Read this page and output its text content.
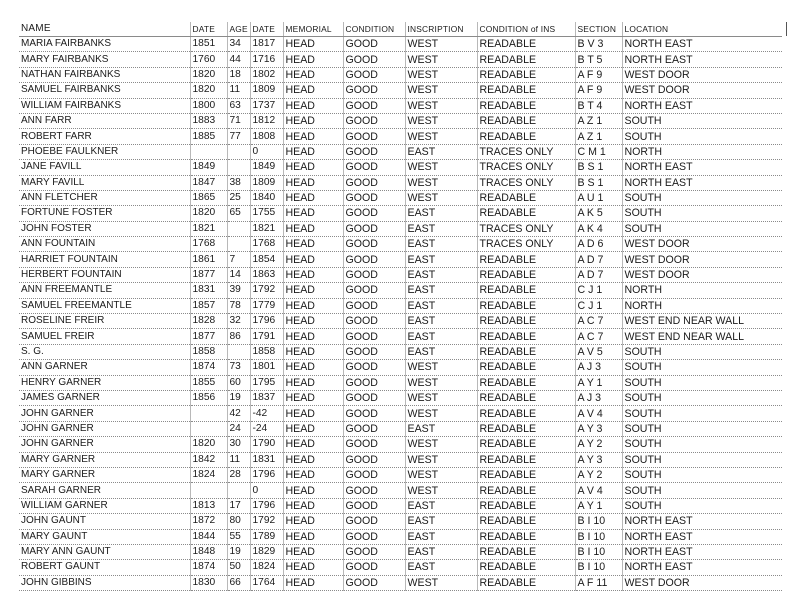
NAME	DATE	AGE	DATE	MEMORIAL	CONDITION	INSCRIPTION	CONDITION of INS	SECTION	LOCATION
MARIA FAIRBANKS	1851	34	1817	HEAD	GOOD	WEST	READABLE	B V 3	NORTH EAST
MARY FAIRBANKS	1760	44	1716	HEAD	GOOD	WEST	READABLE	B T 5	NORTH EAST
NATHAN FAIRBANKS	1820	18	1802	HEAD	GOOD	WEST	READABLE	A F 9	WEST DOOR
SAMUEL FAIRBANKS	1820	11	1809	HEAD	GOOD	WEST	READABLE	A F 9	WEST DOOR
WILLIAM FAIRBANKS	1800	63	1737	HEAD	GOOD	WEST	READABLE	B T 4	NORTH EAST
ANN FARR	1883	71	1812	HEAD	GOOD	WEST	READABLE	A Z 1	SOUTH
ROBERT FARR	1885	77	1808	HEAD	GOOD	WEST	READABLE	A Z 1	SOUTH
PHOEBE FAULKNER			0	HEAD	GOOD	EAST	TRACES ONLY	C M 1	NORTH
JANE FAVILL	1849		1849	HEAD	GOOD	WEST	TRACES ONLY	B S 1	NORTH EAST
MARY FAVILL	1847	38	1809	HEAD	GOOD	WEST	TRACES ONLY	B S 1	NORTH EAST
ANN FLETCHER	1865	25	1840	HEAD	GOOD	WEST	READABLE	A U 1	SOUTH
FORTUNE FOSTER	1820	65	1755	HEAD	GOOD	EAST	READABLE	A K 5	SOUTH
JOHN FOSTER	1821		1821	HEAD	GOOD	EAST	TRACES ONLY	A K 4	SOUTH
ANN FOUNTAIN	1768		1768	HEAD	GOOD	EAST	TRACES ONLY	A D 6	WEST DOOR
HARRIET FOUNTAIN	1861	7	1854	HEAD	GOOD	EAST	READABLE	A D 7	WEST DOOR
HERBERT FOUNTAIN	1877	14	1863	HEAD	GOOD	EAST	READABLE	A D 7	WEST DOOR
ANN FREEMANTLE	1831	39	1792	HEAD	GOOD	EAST	READABLE	C J 1	NORTH
SAMUEL FREEMANTLE	1857	78	1779	HEAD	GOOD	EAST	READABLE	C J 1	NORTH
ROSELINE FREIR	1828	32	1796	HEAD	GOOD	EAST	READABLE	A C 7	WEST END NEAR WALL
SAMUEL FREIR	1877	86	1791	HEAD	GOOD	EAST	READABLE	A C 7	WEST END NEAR WALL
S. G.	1858		1858	HEAD	GOOD	EAST	READABLE	A V 5	SOUTH
ANN GARNER	1874	73	1801	HEAD	GOOD	WEST	READABLE	A J 3	SOUTH
HENRY GARNER	1855	60	1795	HEAD	GOOD	WEST	READABLE	A Y 1	SOUTH
JAMES GARNER	1856	19	1837	HEAD	GOOD	WEST	READABLE	A J 3	SOUTH
JOHN GARNER		42	-42	HEAD	GOOD	WEST	READABLE	A V 4	SOUTH
JOHN GARNER		24	-24	HEAD	GOOD	EAST	READABLE	A Y 3	SOUTH
JOHN GARNER	1820	30	1790	HEAD	GOOD	WEST	READABLE	A Y 2	SOUTH
MARY GARNER	1842	11	1831	HEAD	GOOD	WEST	READABLE	A Y 3	SOUTH
MARY GARNER	1824	28	1796	HEAD	GOOD	WEST	READABLE	A Y 2	SOUTH
SARAH GARNER			0	HEAD	GOOD	WEST	READABLE	A V 4	SOUTH
WILLIAM GARNER	1813	17	1796	HEAD	GOOD	EAST	READABLE	A Y 1	SOUTH
JOHN GAUNT	1872	80	1792	HEAD	GOOD	EAST	READABLE	B I 10	NORTH EAST
MARY GAUNT	1844	55	1789	HEAD	GOOD	EAST	READABLE	B I 10	NORTH EAST
MARY ANN GAUNT	1848	19	1829	HEAD	GOOD	EAST	READABLE	B I 10	NORTH EAST
ROBERT GAUNT	1874	50	1824	HEAD	GOOD	EAST	READABLE	B I 10	NORTH EAST
JOHN GIBBINS	1830	66	1764	HEAD	GOOD	WEST	READABLE	A F 11	WEST DOOR
